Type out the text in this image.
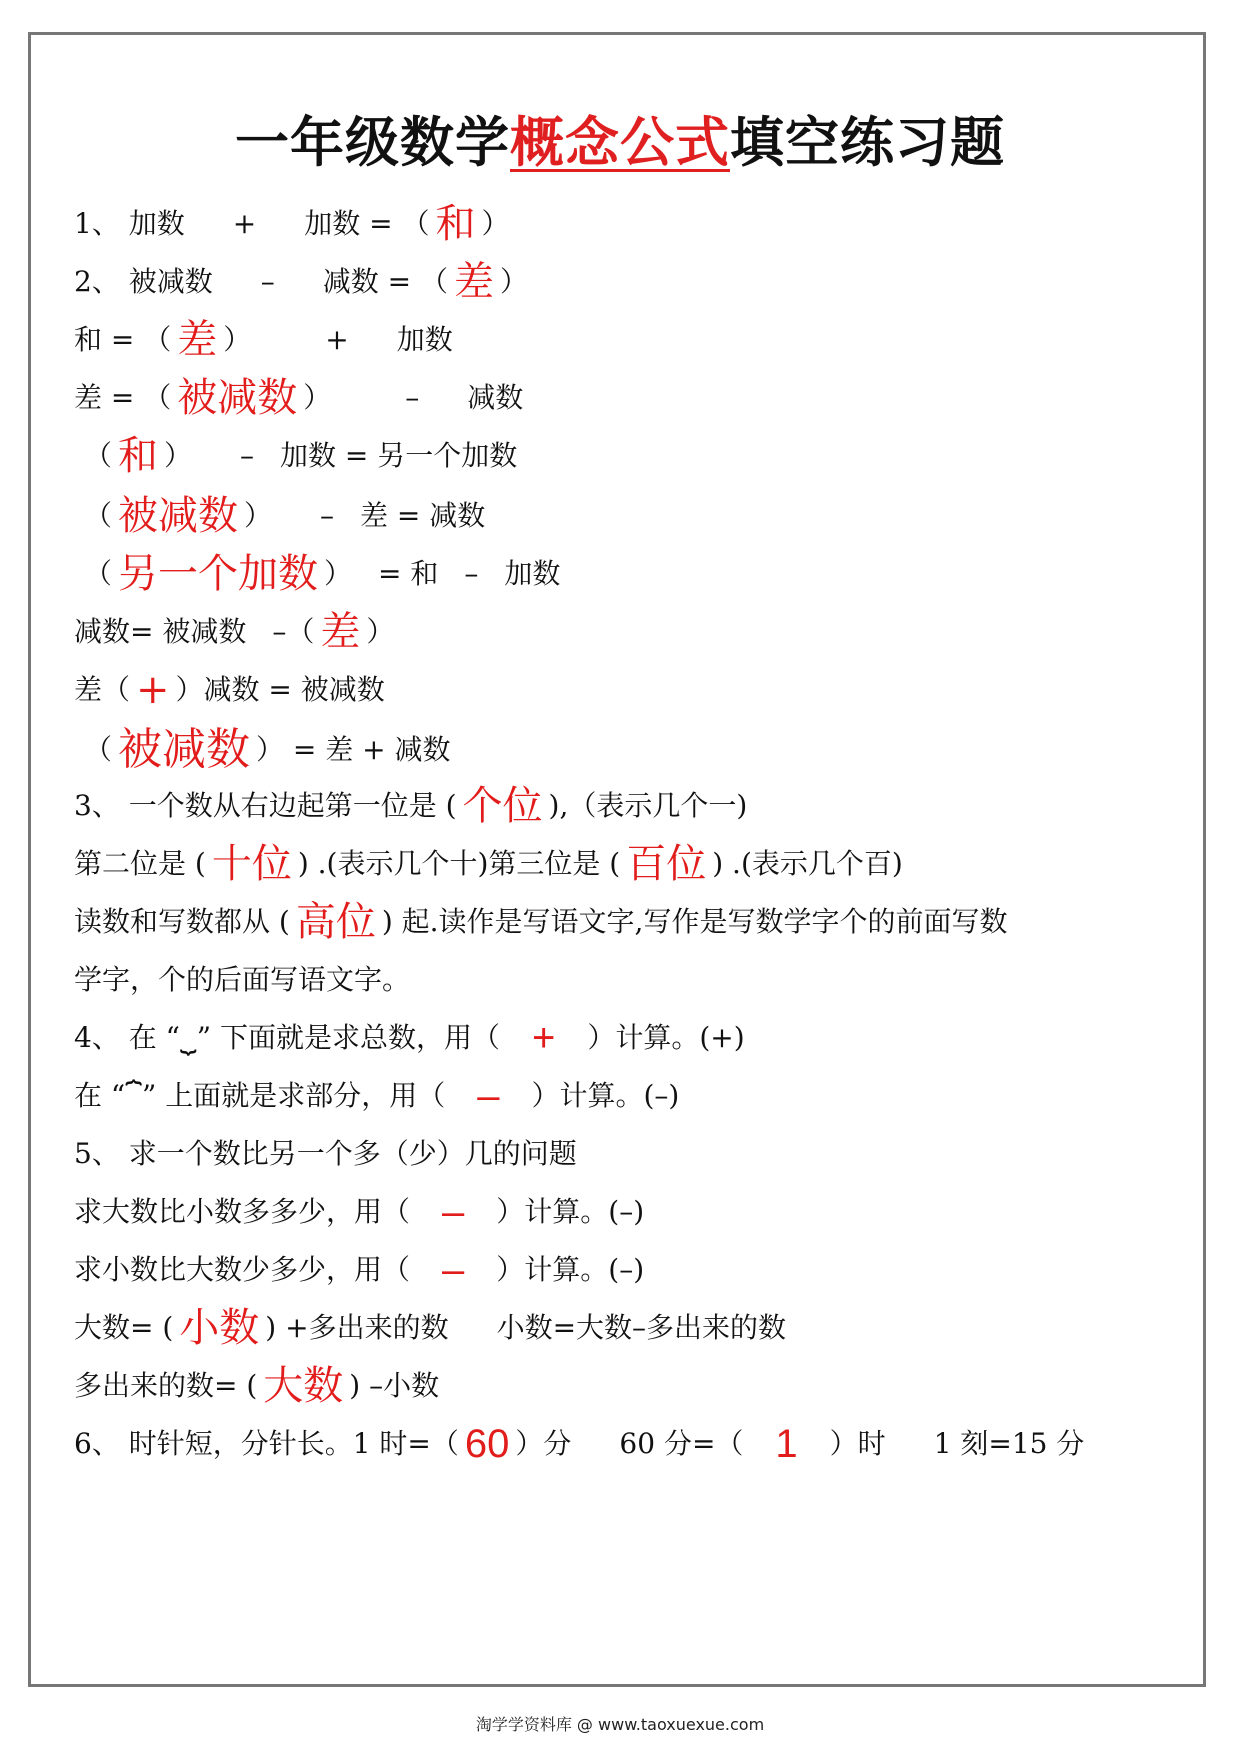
一年级数学概念公式填空练习题
1、 加数 + 加数 = （ 和 ）
2、 被减数 – 减数 = （ 差 ）
和 = （ 差 ）	+ 加数
差 = （ 被减数 ）	– 减数
（ 和 ） – 加数 = 另一个加数
（ 被减数 ） – 差 = 减数
（ 另一个加数 ） = 和 – 加数
减数= 被减数 –（ 差 ）
差（ + ）减数 = 被减数
（ 被减数 ） = 差 + 减数
3、 一个数从右边起第一位是 ( 个位 ),（表示几个一)
第二位是 ( 十位 ) .(表示几个十)第三位是 ( 百位 ) .(表示几个百)
读数和写数都从 ( 高位 ) 起.读作是写语文字,写作是写数学字个的前面写数
学字，个的后面写语文字。
4、 在 “⏟” 下面就是求总数，用（ + ）计算。(+)
在 “⏞” 上面就是求部分，用（ – ）计算。(–)
5、 求一个数比另一个多（少）几的问题
求大数比小数多多少，用（ – ）计算。(–)
求小数比大数少多少，用（ – ）计算。(–)
大数= ( 小数 ) +多出来的数 小数=大数–多出来的数
多出来的数= ( 大数 ) –小数
6、 时针短，分针长。1 时=（ 60 ）分 60 分=（ 1 ）时 1 刻=15 分
淘学学资料库 @ www.taoxuexue.com
